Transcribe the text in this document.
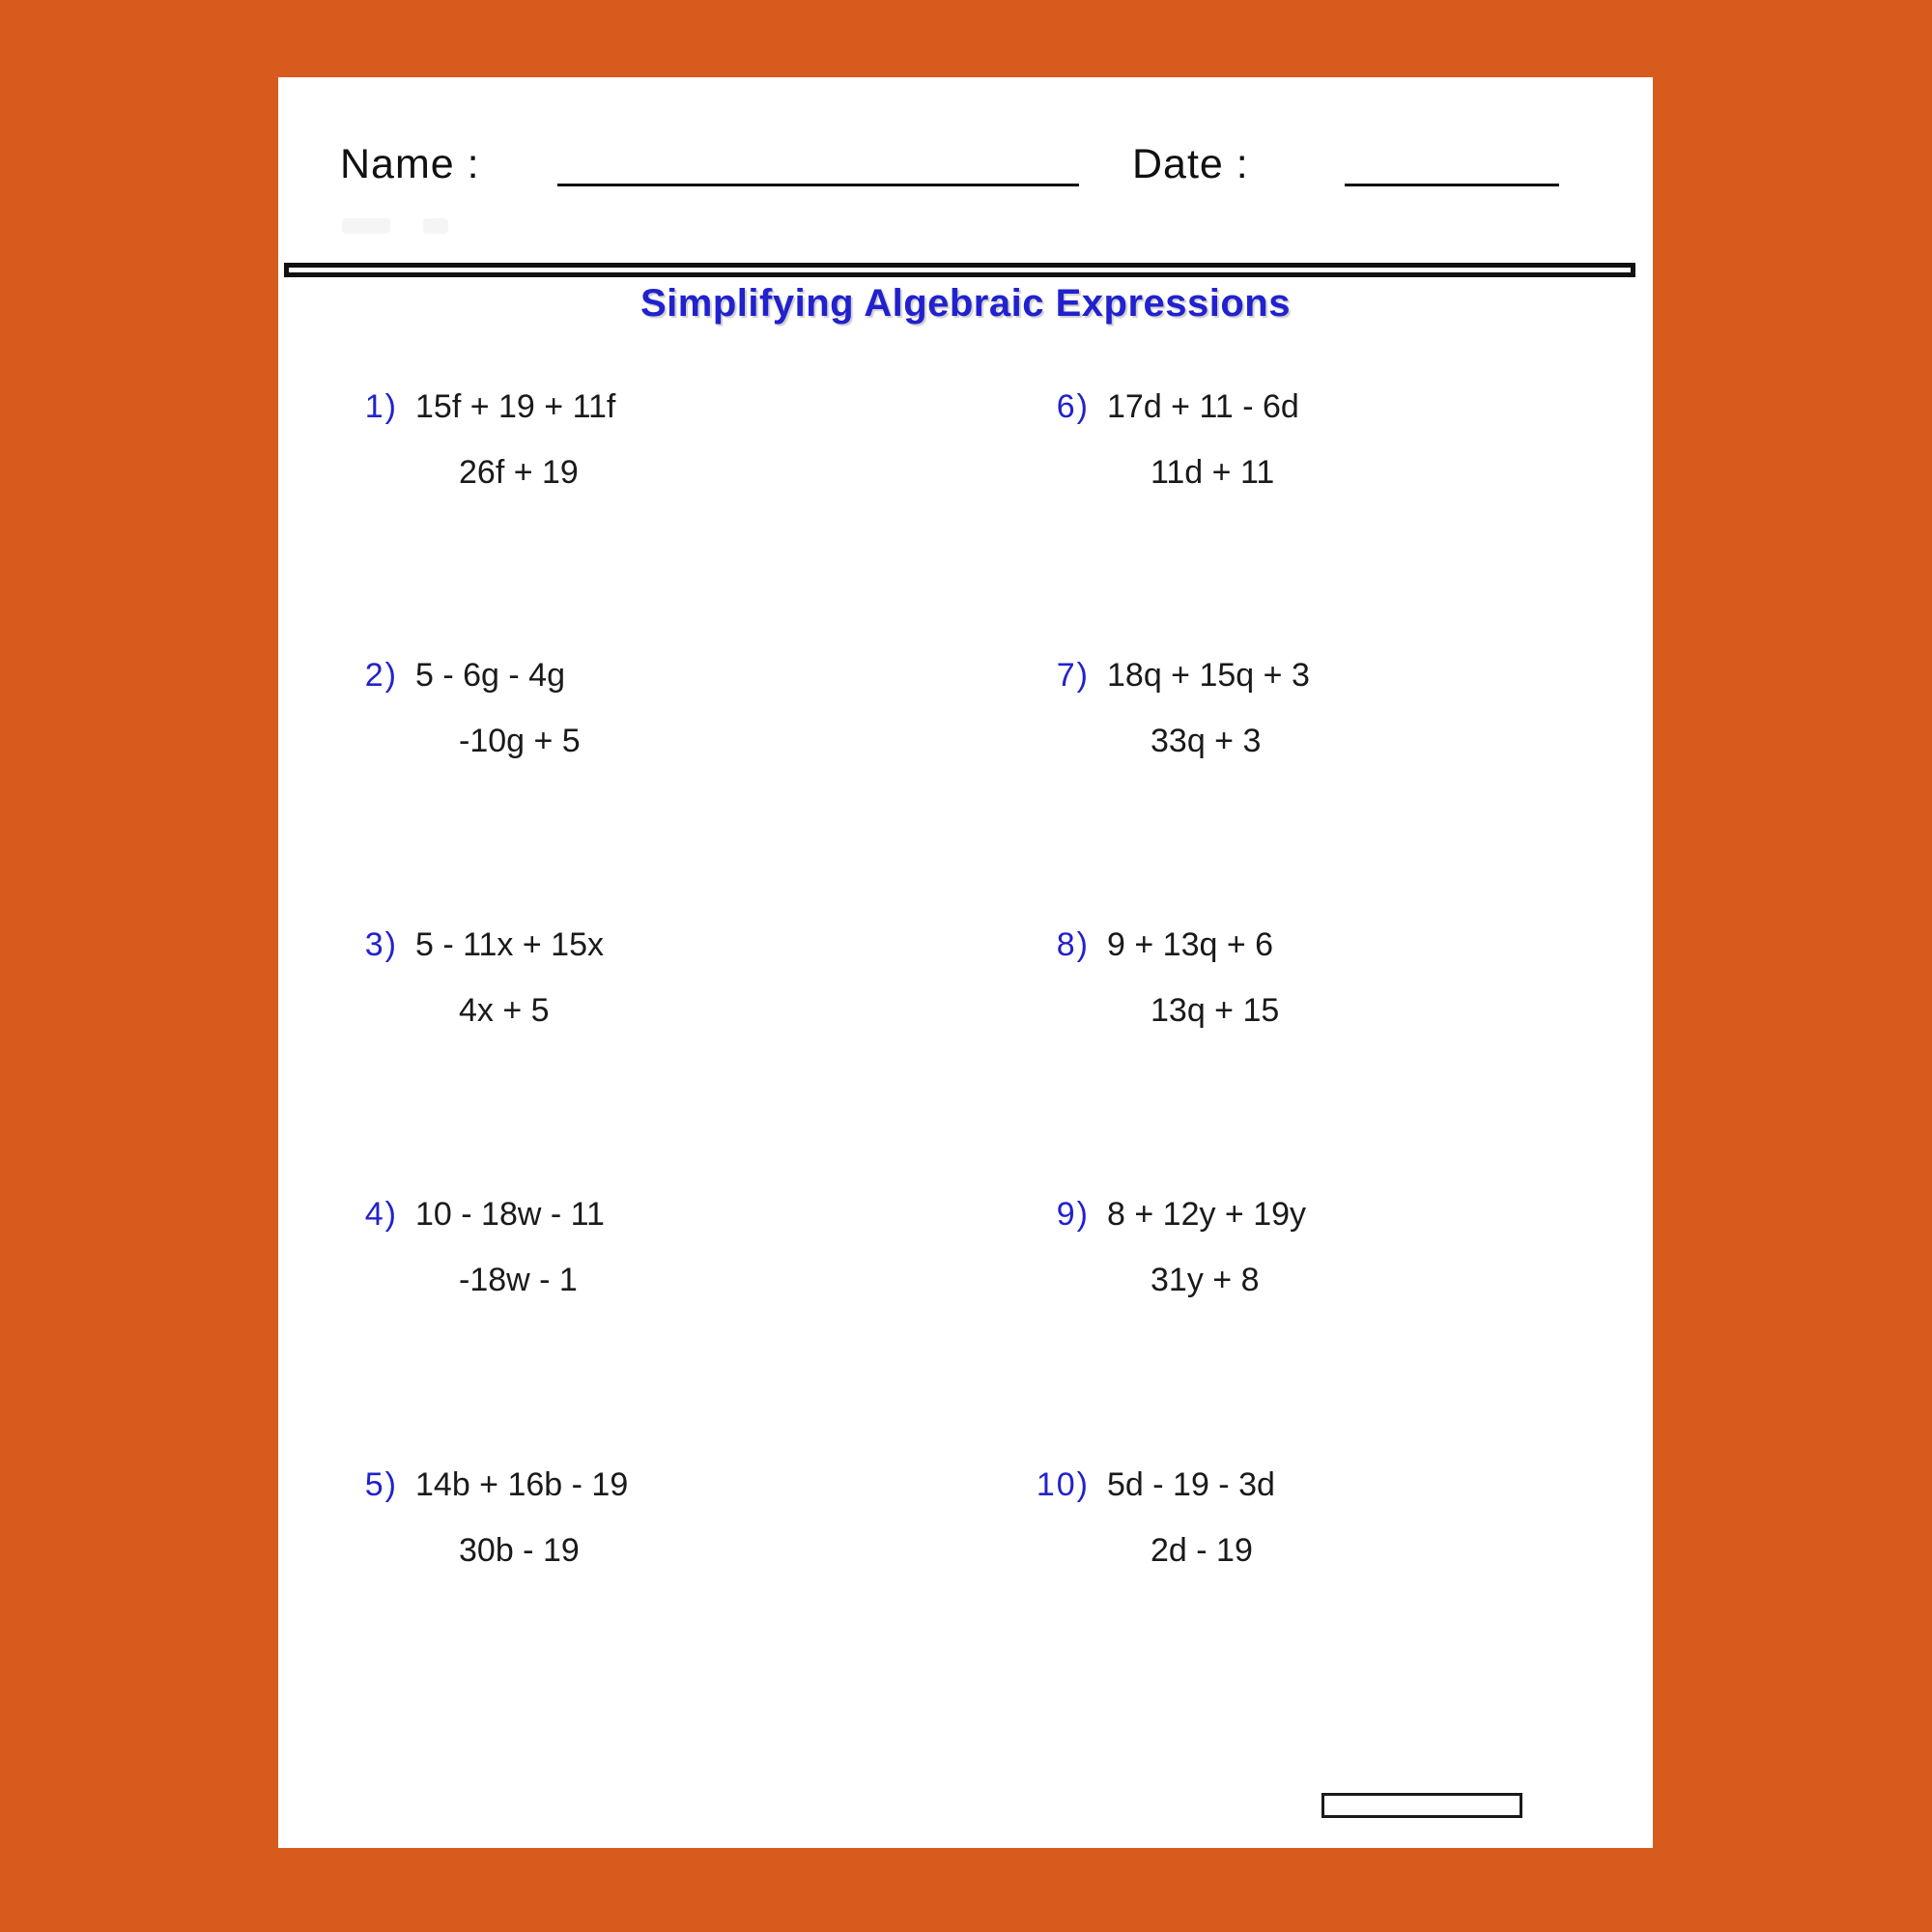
Name :	Date :
Simplifying Algebraic Expressions
1) 15f + 19 + 11f
26f + 19
2) 5 - 6g - 4g
-10g + 5
3) 5 - 11x + 15x
4x + 5
4) 10 - 18w - 11
-18w - 1
5) 14b + 16b - 19
30b - 19
6) 17d + 11 - 6d
11d + 11
7) 18q + 15q + 3
33q + 3
8) 9 + 13q + 6
13q + 15
9) 8 + 12y + 19y
31y + 8
10) 5d - 19 - 3d
2d - 19
